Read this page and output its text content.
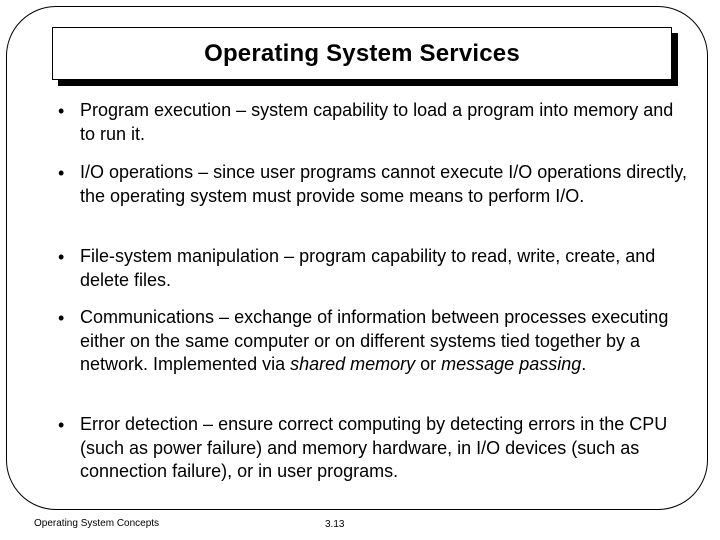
Operating System Services
• Program execution – system capability to load a program into memory and to run it.
• I/O operations – since user programs cannot execute I/O operations directly, the operating system must provide some means to perform I/O.
• File-system manipulation – program capability to read, write, create, and delete files.
• Communications – exchange of information between processes executing either on the same computer or on different systems tied together by a network. Implemented via shared memory or message passing.
• Error detection – ensure correct computing by detecting errors in the CPU (such as power failure) and memory hardware, in I/O devices (such as connection failure), or in user programs.
Operating System Concepts	3.13
